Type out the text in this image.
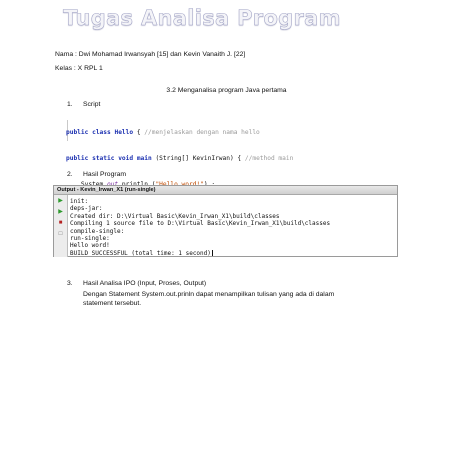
Tugas Analisa Program
Nama : Dwi Mohamad Irwansyah [15] dan Kevin Vanaith J. [22]
Kelas : X RPL 1
3.2 Menganalisa program Java pertama
1. Script

public class Hello { //menjelaskan dengan nama hello

public static void main (String[] KevinIrwan) { //method main

2. Hasil Program
Output - Kevin_Irwan_X1 (run-single)
▶
▶
■
□
init:
deps-jar:
Created dir: D:\Virtual Basic\Kevin_Irwan_X1\build\classes
Compiling 1 source file to D:\Virtual Basic\Kevin_Irwan_X1\build\classes
compile-single:
run-single:
Hello word!
BUILD SUCCESSFUL (total time: 1 second)
3. Hasil Analisa IPO (Input, Proses, Output)
Dengan Statement System.out.prinln dapat menampilkan tulisan yang ada di dalam
statement tersebut.
